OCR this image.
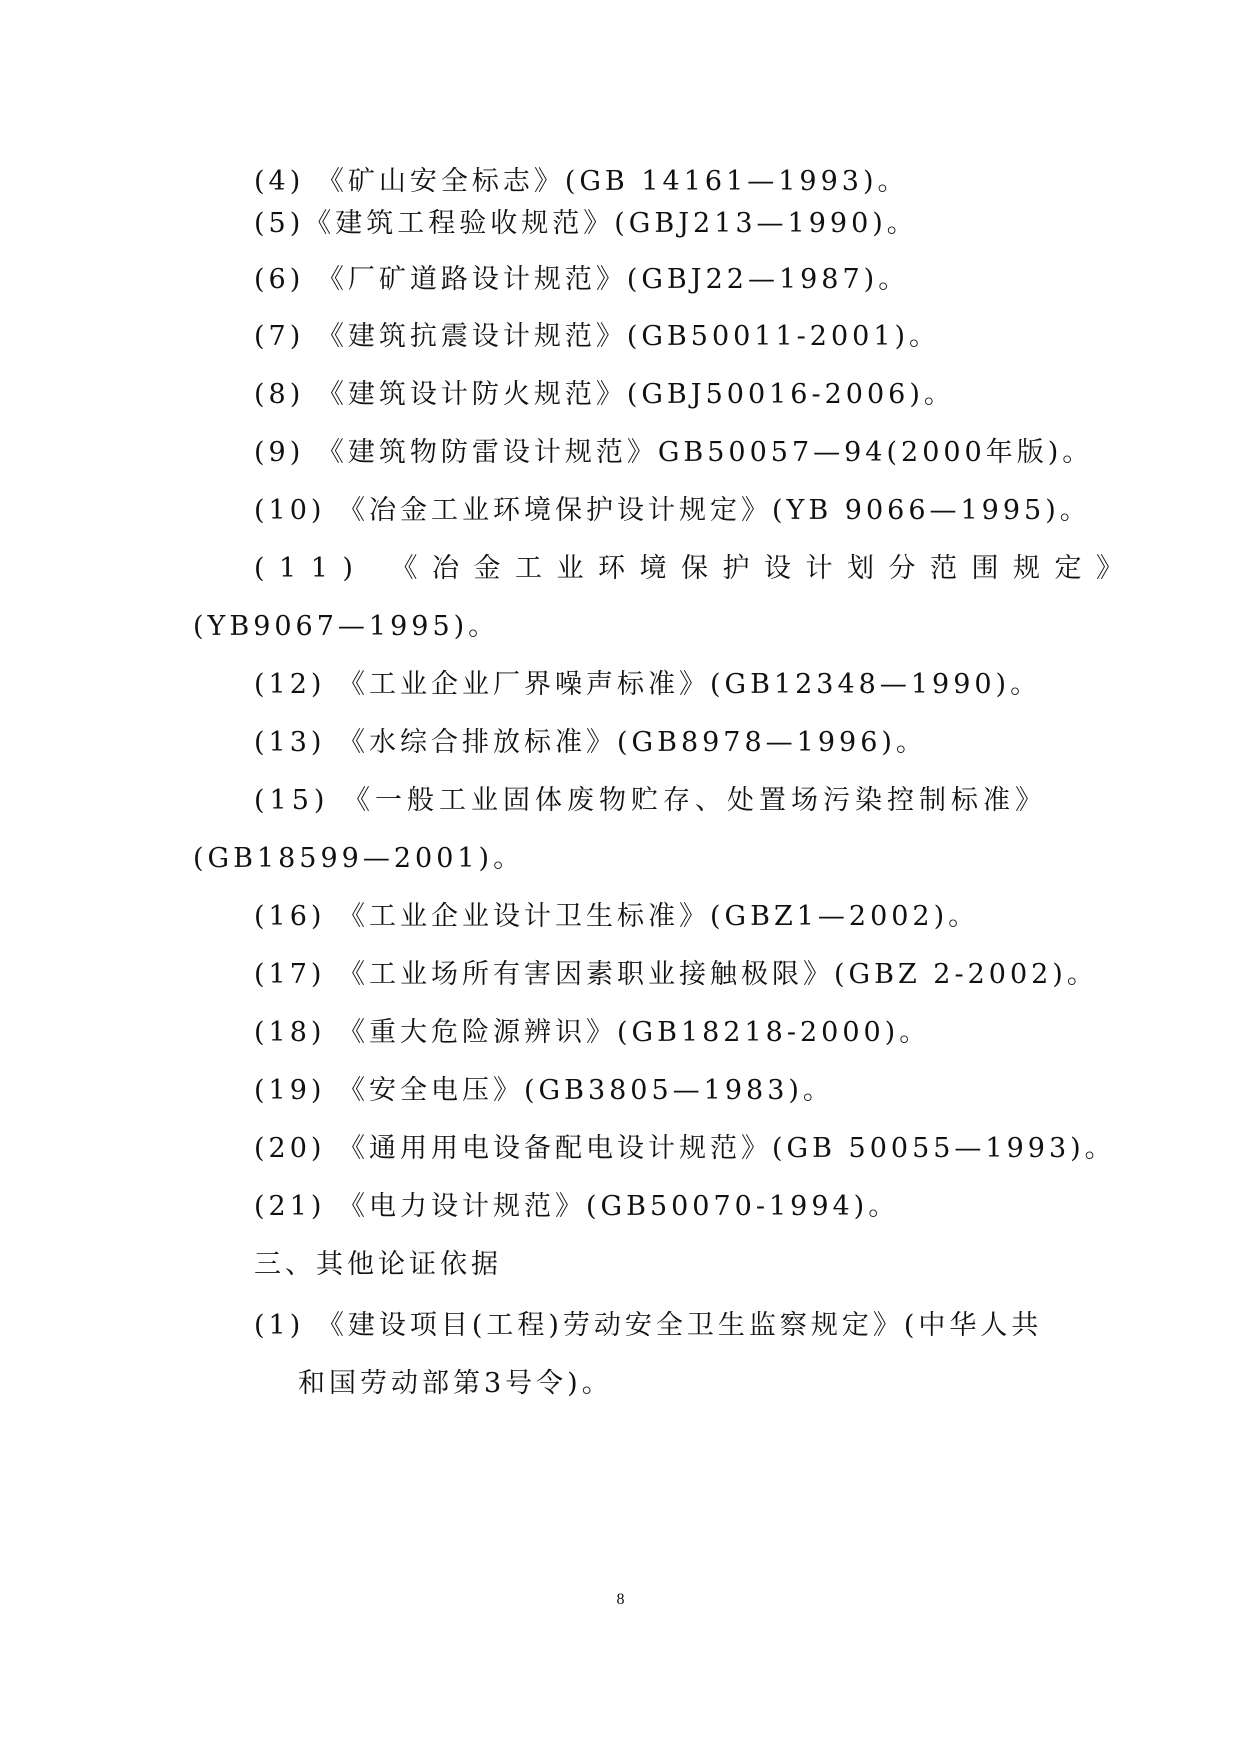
(4) 《矿山安全标志》(GB 14161—1993)。
(5)《建筑工程验收规范》(GBJ213—1990)。
(6) 《厂矿道路设计规范》(GBJ22—1987)。
(7) 《建筑抗震设计规范》(GB50011-2001)。
(8) 《建筑设计防火规范》(GBJ50016-2006)。
(9) 《建筑物防雷设计规范》GB50057—94(2000年版)。
(10) 《冶金工业环境保护设计规定》(YB 9066—1995)。
(11) 《冶金工业环境保护设计划分范围规定》
(YB9067—1995)。
(12) 《工业企业厂界噪声标准》(GB12348—1990)。
(13) 《水综合排放标准》(GB8978—1996)。
(15) 《一般工业固体废物贮存、处置场污染控制标准》
(GB18599—2001)。
(16) 《工业企业设计卫生标准》(GBZ1—2002)。
(17) 《工业场所有害因素职业接触极限》(GBZ 2-2002)。
(18) 《重大危险源辨识》(GB18218-2000)。
(19) 《安全电压》(GB3805—1983)。
(20) 《通用用电设备配电设计规范》(GB 50055—1993)。
(21) 《电力设计规范》(GB50070-1994)。
三、其他论证依据
(1) 《建设项目(工程)劳动安全卫生监察规定》(中华人共
和国劳动部第3号令)。
8
